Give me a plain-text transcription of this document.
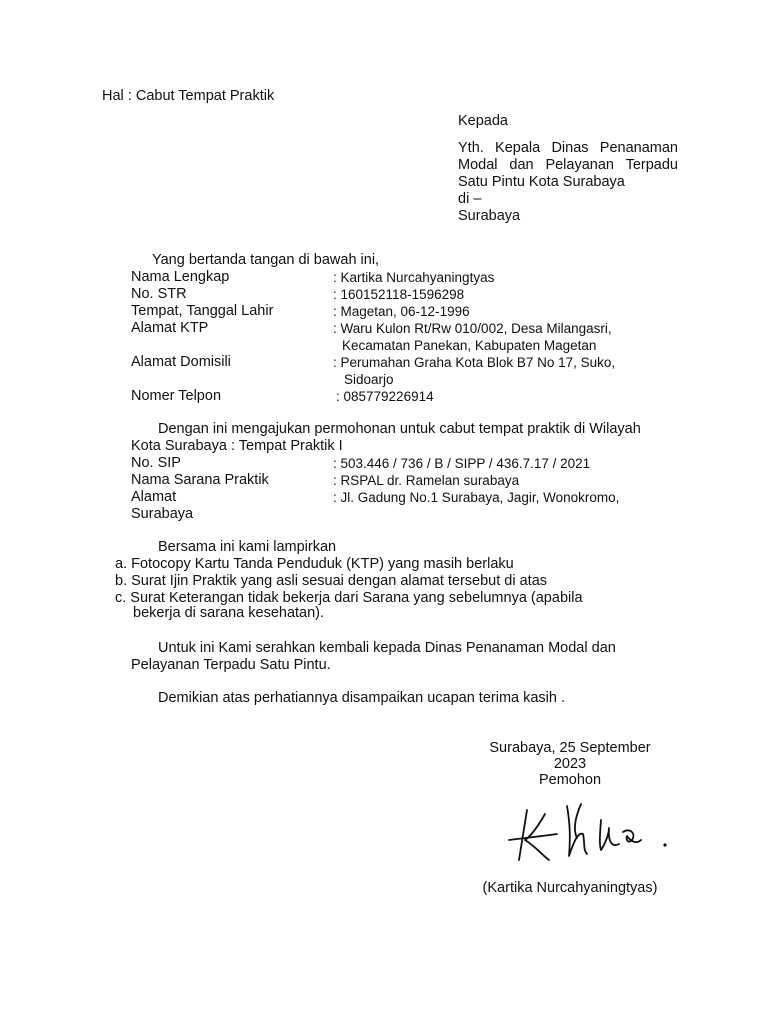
Hal : Cabut Tempat Praktik
Kepada
Yth. Kepala Dinas Penanaman
Modal dan Pelayanan Terpadu
Satu Pintu Kota Surabaya
di –
Surabaya
Yang bertanda tangan di bawah ini,
Nama Lengkap	: Kartika Nurcahyaningtyas
No. STR	: 160152118-1596298
Tempat, Tanggal Lahir	: Magetan, 06-12-1996
Alamat KTP	: Waru Kulon Rt/Rw 010/002, Desa Milangasri,
Kecamatan Panekan, Kabupaten Magetan
Alamat Domisili	: Perumahan Graha Kota Blok B7 No 17, Suko,
Sidoarjo
Nomer Telpon	: 085779226914
Dengan ini mengajukan permohonan untuk cabut tempat praktik di Wilayah
Kota Surabaya : Tempat Praktik I
No. SIP	: 503.446 / 736 / B / SIPP / 436.7.17 / 2021
Nama Sarana Praktik	: RSPAL dr. Ramelan surabaya
Alamat	: Jl. Gadung No.1 Surabaya, Jagir, Wonokromo,
Surabaya
Bersama ini kami lampirkan
a. Fotocopy Kartu Tanda Penduduk (KTP) yang masih berlaku
b. Surat Ijin Praktik yang asli sesuai dengan alamat tersebut di atas
c. Surat Keterangan tidak bekerja dari Sarana yang sebelumnya (apabila
bekerja di sarana kesehatan).
Untuk ini Kami serahkan kembali kepada Dinas Penanaman Modal dan
Pelayanan Terpadu Satu Pintu.
Demikian atas perhatiannya disampaikan ucapan terima kasih .
Surabaya, 25 September
2023
Pemohon
(Kartika Nurcahyaningtyas)
